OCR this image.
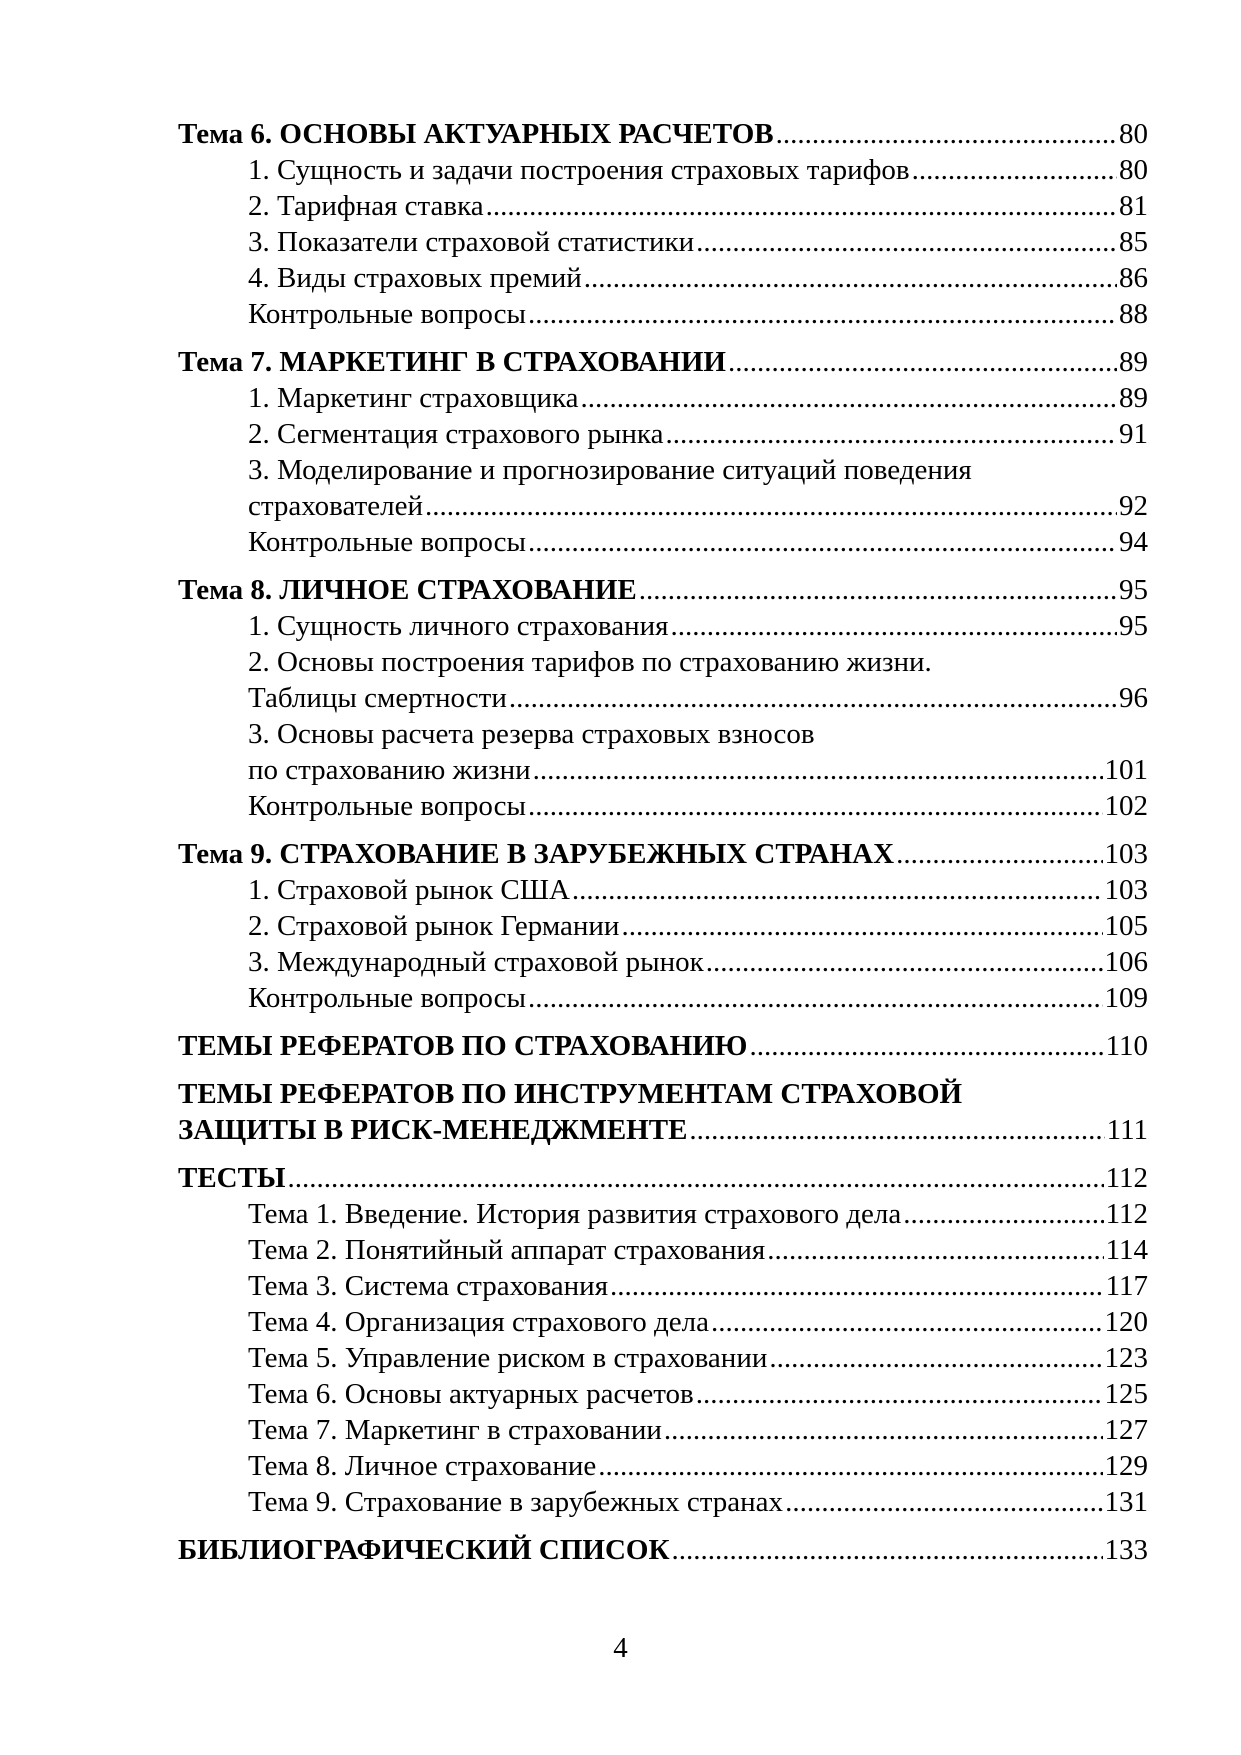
Тема 6. ОСНОВЫ АКТУАРНЫХ РАСЧЕТОВ .....	80
1. Сущность и задачи построения страховых тарифов .....	80
2. Тарифная ставка .....	81
3. Показатели страховой статистики .....	85
4. Виды страховых премий .....	86
Контрольные вопросы .....	88
Тема 7. МАРКЕТИНГ В СТРАХОВАНИИ .....	89
1. Маркетинг страховщика .....	89
2. Сегментация страхового рынка .....	91
3. Моделирование и прогнозирование ситуаций поведения
страхователей .....	92
Контрольные вопросы .....	94
Тема 8. ЛИЧНОЕ СТРАХОВАНИЕ .....	95
1. Сущность личного страхования .....	95
2. Основы построения тарифов по страхованию жизни.
Таблицы смертности .....	96
3. Основы расчета резерва страховых взносов
по страхованию жизни .....	101
Контрольные вопросы .....	102
Тема 9. СТРАХОВАНИЕ В ЗАРУБЕЖНЫХ СТРАНАХ .....	103
1. Страховой рынок США .....	103
2. Страховой рынок Германии .....	105
3. Международный страховой рынок .....	106
Контрольные вопросы .....	109
ТЕМЫ РЕФЕРАТОВ ПО СТРАХОВАНИЮ .....	110
ТЕМЫ РЕФЕРАТОВ ПО ИНСТРУМЕНТАМ СТРАХОВОЙ
ЗАЩИТЫ В РИСК-МЕНЕДЖМЕНТЕ .....	111
ТЕСТЫ .....	112
Тема 1. Введение. История развития страхового дела .....	112
Тема 2. Понятийный аппарат страхования .....	114
Тема 3. Система страхования .....	117
Тема 4. Организация страхового дела .....	120
Тема 5. Управление риском в страховании .....	123
Тема 6. Основы актуарных расчетов .....	125
Тема 7. Маркетинг в страховании .....	127
Тема 8. Личное страхование .....	129
Тема 9. Страхование в зарубежных странах .....	131
БИБЛИОГРАФИЧЕСКИЙ СПИСОК .....	133
4
